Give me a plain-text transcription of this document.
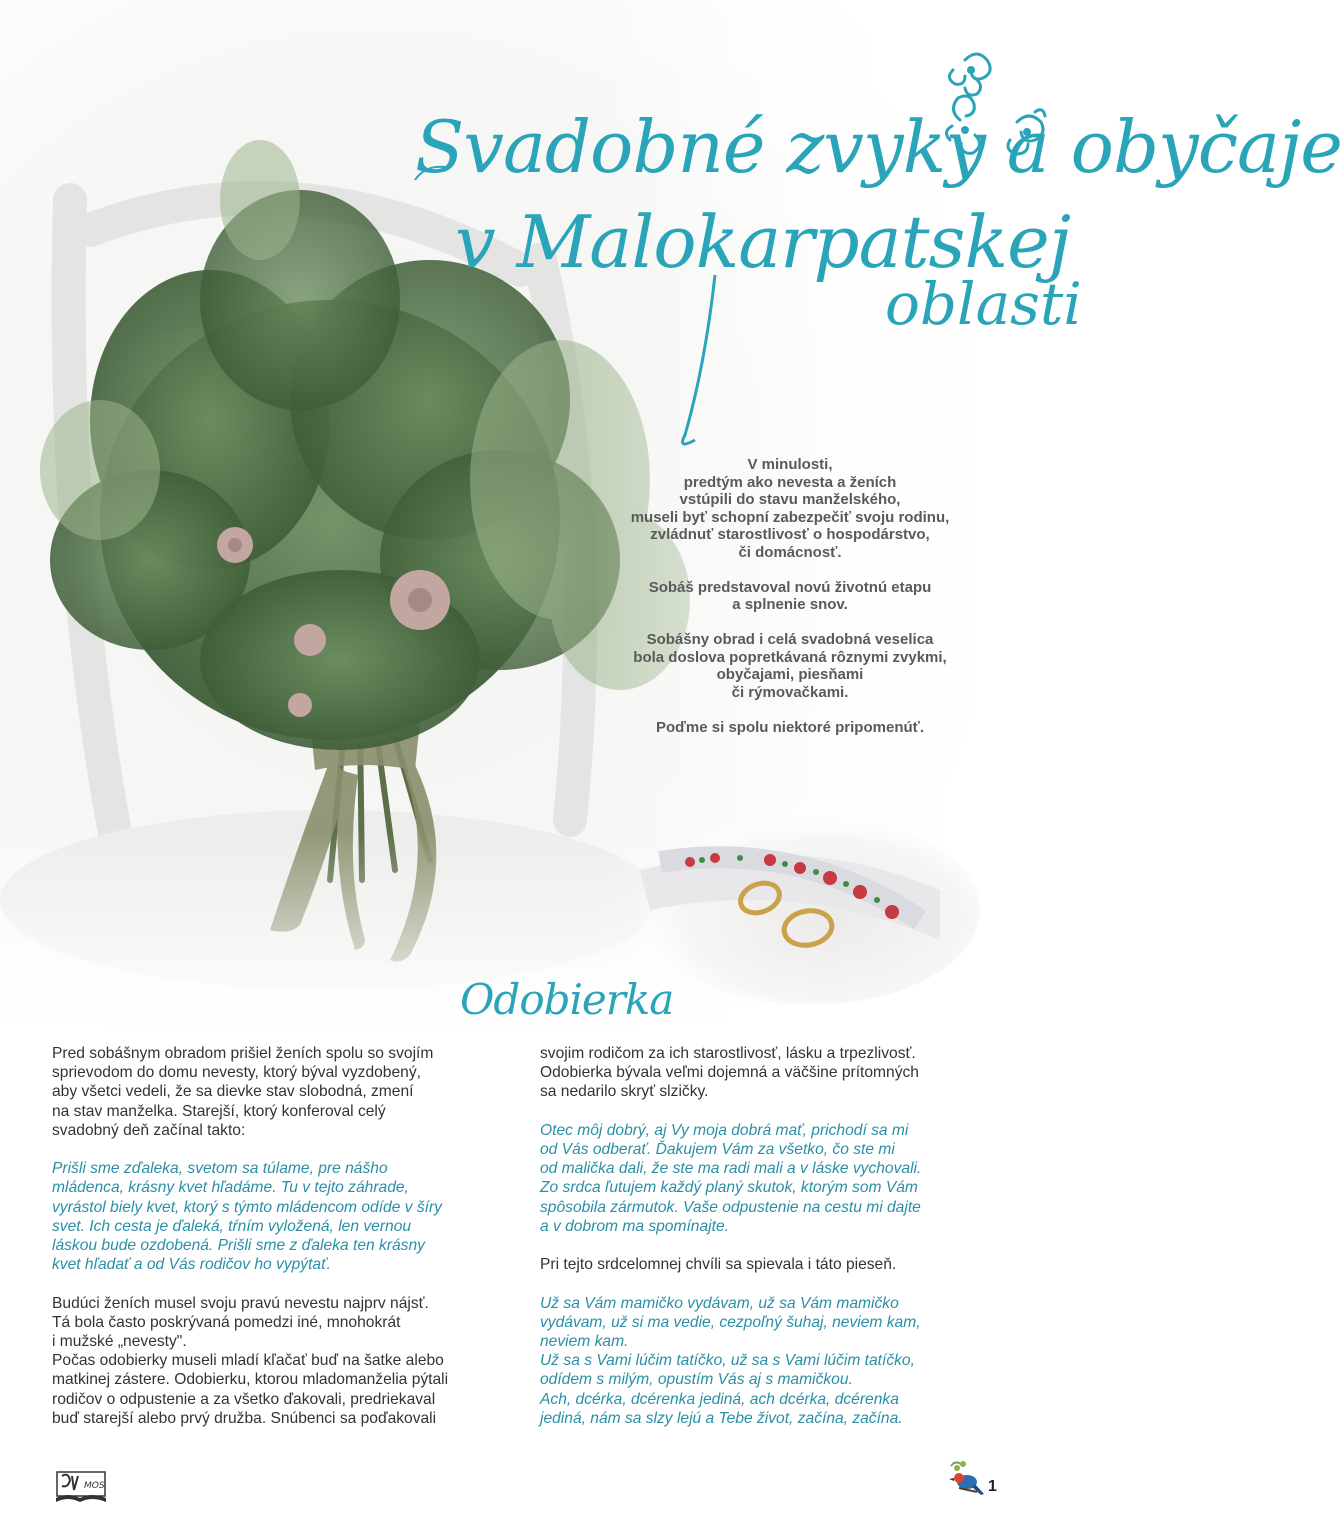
Svadobné zvyky a obyčaje
v Malokarpatskej
oblasti

V minulosti,
predtým ako nevesta a ženích
vstúpili do stavu manželského,
museli byť schopní zabezpečiť svoju rodinu,
zvládnuť starostlivosť o hospodárstvo,
či domácnosť.

Sobáš predstavoval novú životnú etapu
a splnenie snov.

Sobášny obrad i celá svadobná veselica
bola doslova popretkávaná rôznymi zvykmi,
obyčajami, piesňami
či rýmovačkami.

Poďme si spolu niektoré pripomenúť.

Odobierka

Pred sobášnym obradom prišiel ženích spolu so svojím
sprievodom do domu nevesty, ktorý býval vyzdobený,
aby všetci vedeli, že sa dievke stav slobodná, zmení
na stav manželka. Starejší, ktorý konferoval celý
svadobný deň začínal takto:

Prišli sme zďaleka, svetom sa túlame, pre nášho
mládenca, krásny kvet hľadáme. Tu v tejto záhrade,
vyrástol biely kvet, ktorý s týmto mládencom odíde v šíry
svet. Ich cesta je ďaleká, tŕním vyložená, len vernou
láskou bude ozdobená. Prišli sme z ďaleka ten krásny
kvet hľadať a od Vás rodičov ho vypýtať.

Budúci ženích musel svoju pravú nevestu najprv nájsť.
Tá bola často poskrývaná pomedzi iné, mnohokrát
i mužské „nevesty".

Počas odobierky museli mladí kľačať buď na šatke alebo
matkinej zástere. Odobierku, ktorou mladomanželia pýtali
rodičov o odpustenie a za všetko ďakovali, predriekaval
buď starejší alebo prvý družba. Snúbenci sa poďakovali

svojim rodičom za ich starostlivosť, lásku a trpezlivosť.
Odobierka bývala veľmi dojemná a väčšine prítomných
sa nedarilo skryť slzičky.

Otec môj dobrý, aj Vy moja dobrá mať, prichodí sa mi
od Vás odberať. Ďakujem Vám za všetko, čo ste mi
od malička dali, že ste ma radi mali a v láske vychovali.
Zo srdca ľutujem každý planý skutok, ktorým som Vám
spôsobila zármutok. Vaše odpustenie na cestu mi dajte
a v dobrom ma spomínajte.

Pri tejto srdcelomnej chvíli sa spievala i táto pieseň.

Už sa Vám mamičko vydávam, už sa Vám mamičko
vydávam, už si ma vedie, cezpoľný šuhaj, neviem kam,
neviem kam.

Už sa s Vami lúčim tatíčko, už sa s Vami lúčim tatíčko,
odídem s milým, opustím Vás aj s mamičkou.

Ach, dcérka, dcérenka jediná, ach dcérka, dcérenka
jediná, nám sa slzy lejú a Tebe život, začína, začína.

MOS	1
